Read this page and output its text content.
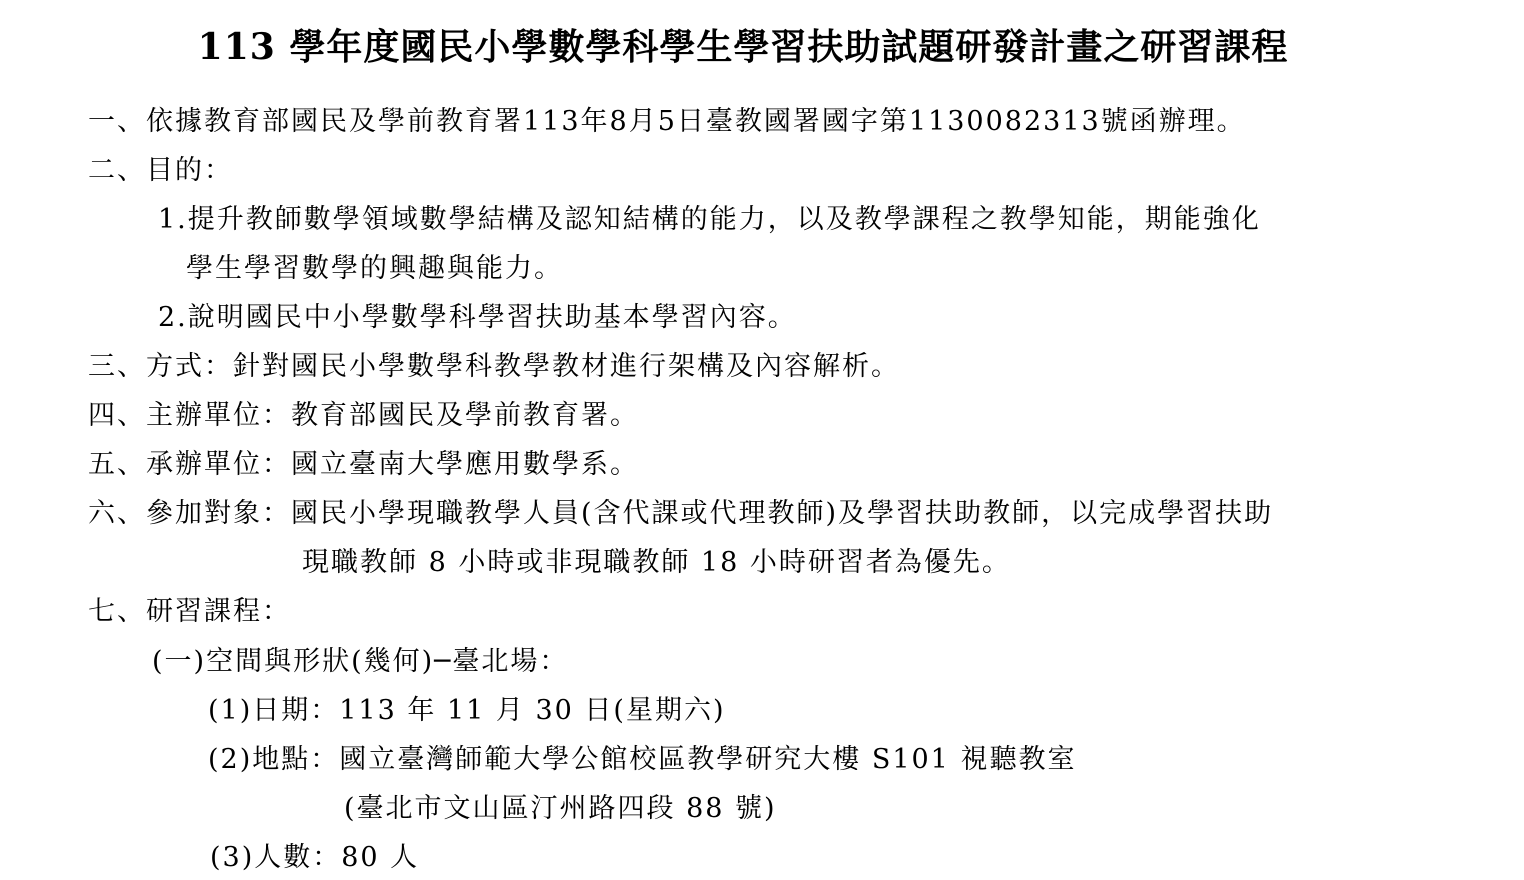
113 學年度國民小學數學科學生學習扶助試題研發計畫之研習課程
一、依據教育部國民及學前教育署113年8月5日臺教國署國字第1130082313號函辦理。
二、目的：
1.提升教師數學領域數學結構及認知結構的能力，以及教學課程之教學知能，期能強化
學生學習數學的興趣與能力。
2.說明國民中小學數學科學習扶助基本學習內容。
三、方式：針對國民小學數學科教學教材進行架構及內容解析。
四、主辦單位：教育部國民及學前教育署。
五、承辦單位：國立臺南大學應用數學系。
六、參加對象：國民小學現職教學人員(含代課或代理教師)及學習扶助教師，以完成學習扶助
現職教師 8 小時或非現職教師 18 小時研習者為優先。
七、研習課程：
(一)空間與形狀(幾何)─臺北場：
(1)日期：113 年 11 月 30 日(星期六)
(2)地點：國立臺灣師範大學公館校區教學研究大樓 S101 視聽教室
(臺北市文山區汀州路四段 88 號)
(3)人數：80 人
